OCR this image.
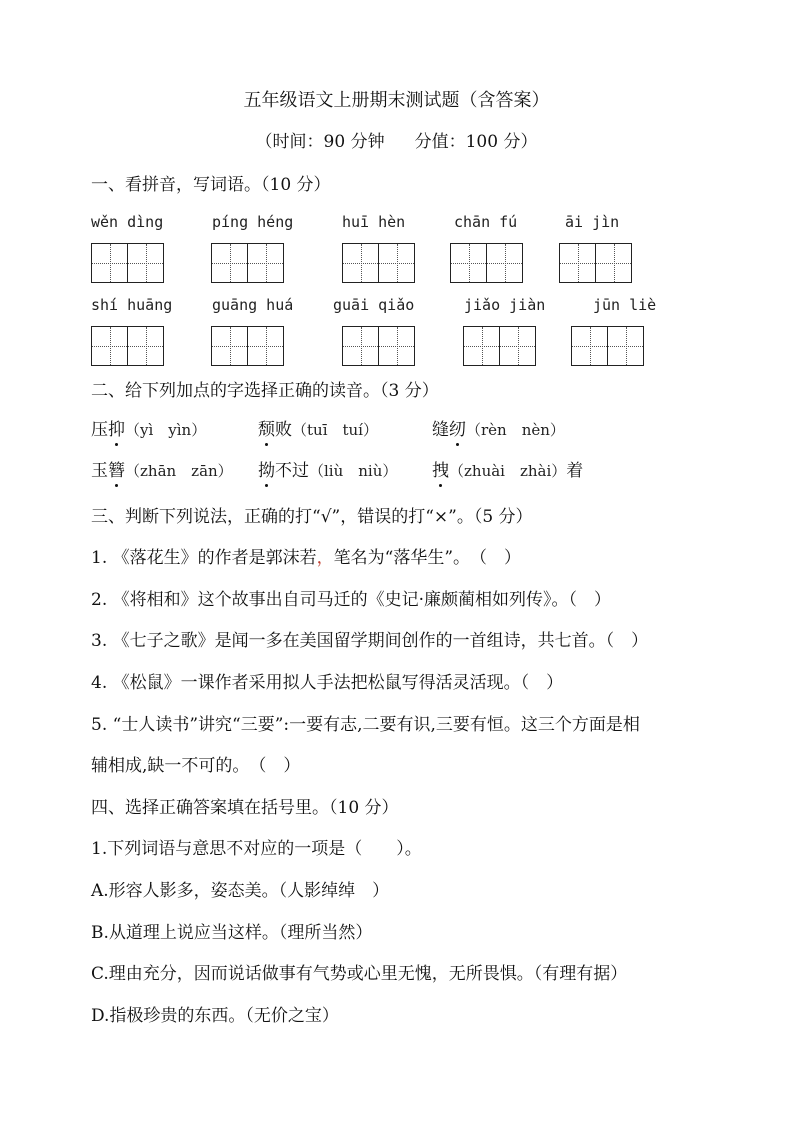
五年级语文上册期末测试题（含答案）
（时间：90 分钟 分值：100 分）
一、看拼音，写词语。（10 分）
wěn dìng	píng héng	huī hèn	chān fú	āi jìn
shí huāng	guāng huá	guāi qiǎo	jiǎo jiàn	jūn liè
二、给下列加点的字选择正确的读音。（3 分）
压抑（yì　yìn）	颓败（tuī　tuí）	缝纫（rèn　nèn）
玉簪（zhān　zān） 拗不过（liù　niù） 拽（zhuài　zhài）着
三、判断下列说法，正确的打“√”，错误的打“×”。（5 分）
1. 《落花生》的作者是郭沫若，笔名为“落华生”。　（　）
2. 《将相和》这个故事出自司马迁的《史记·廉颇蔺相如列传》。（　）
3. 《七子之歌》是闻一多在美国留学期间创作的一首组诗，共七首。（　）
4. 《松鼠》一课作者采用拟人手法把松鼠写得活灵活现。（　）
5. “士人读书”讲究“三要”:一要有志,二要有识,三要有恒。这三个方面是相
辅相成,缺一不可的。　（　）
四、选择正确答案填在括号里。（10 分）
1.下列词语与意思不对应的一项是（　　）。
A.形容人影多，姿态美。（人影绰绰　）
B.从道理上说应当这样。（理所当然）
C.理由充分，因而说话做事有气势或心里无愧，无所畏惧。（有理有据）
D.指极珍贵的东西。（无价之宝）
